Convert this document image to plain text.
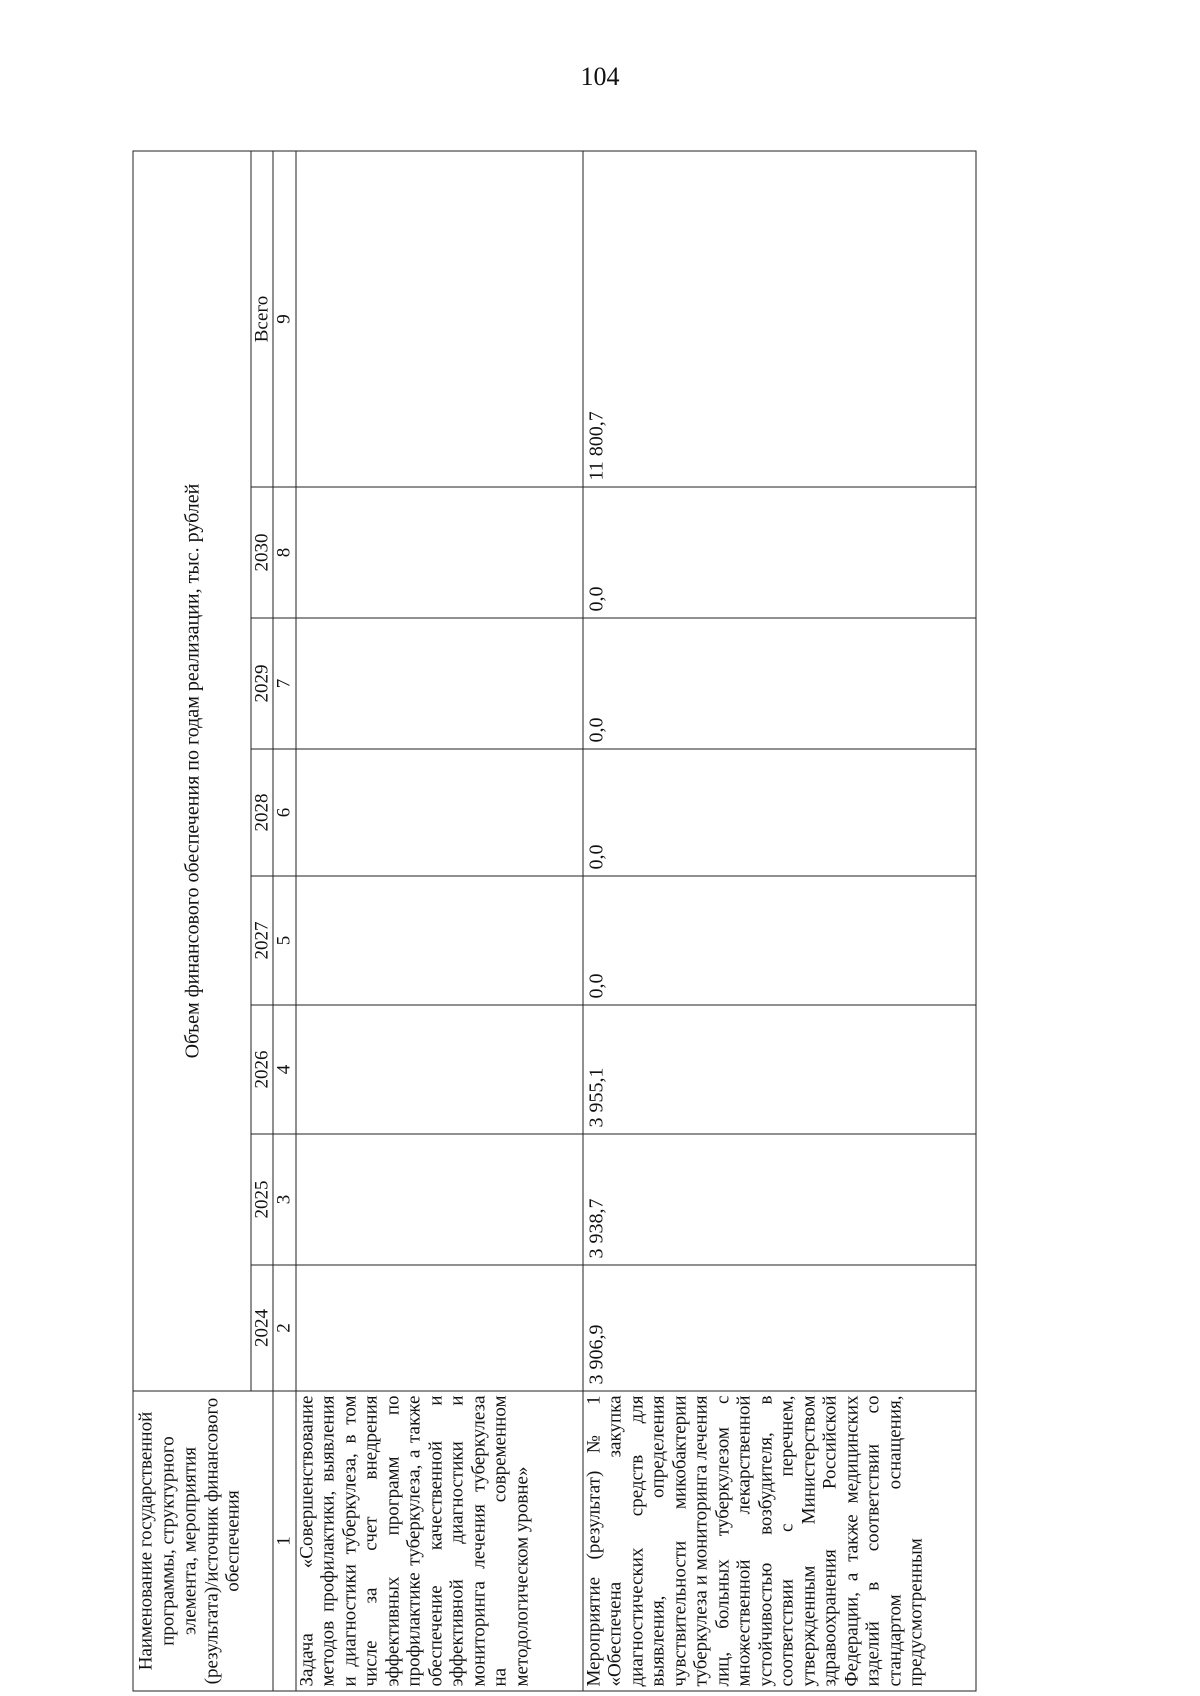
104
Наименование государственной программы, структурного элемента, мероприятия (результата)/источник финансового обеспечения	Объем финансового обеспечения по годам реализации, тыс. рублей							
	2024	2025	2026	2027	2028	2029	2030	Всего
1	2	3	4	5	6	7	8	9
Задача «Совершенствование методов профилактики, выявления и диагностики туберкулеза, в том числе за счет внедрения эффективных программ по профилактике туберкулеза, а также обеспечение качественной и эффективной диагностики и мониторинга лечения туберкулеза на современном методологическом уровне»								

Мероприятие (результат) № 1 «Обеспечена закупка диагностических средств для выявления, определения чувствительности микобактерии туберкулеза и мониторинга лечения лиц, больных туберкулезом с множественной лекарственной устойчивостью возбудителя, в соответствии с перечнем, утвержденным Министерством здравоохранения Российской Федерации, а также медицинских изделий в соответствии со стандартом оснащения, предусмотренным	3 906,9	3 938,7	3 955,1	0,0	0,0	0,0	0,0	11 800,7
